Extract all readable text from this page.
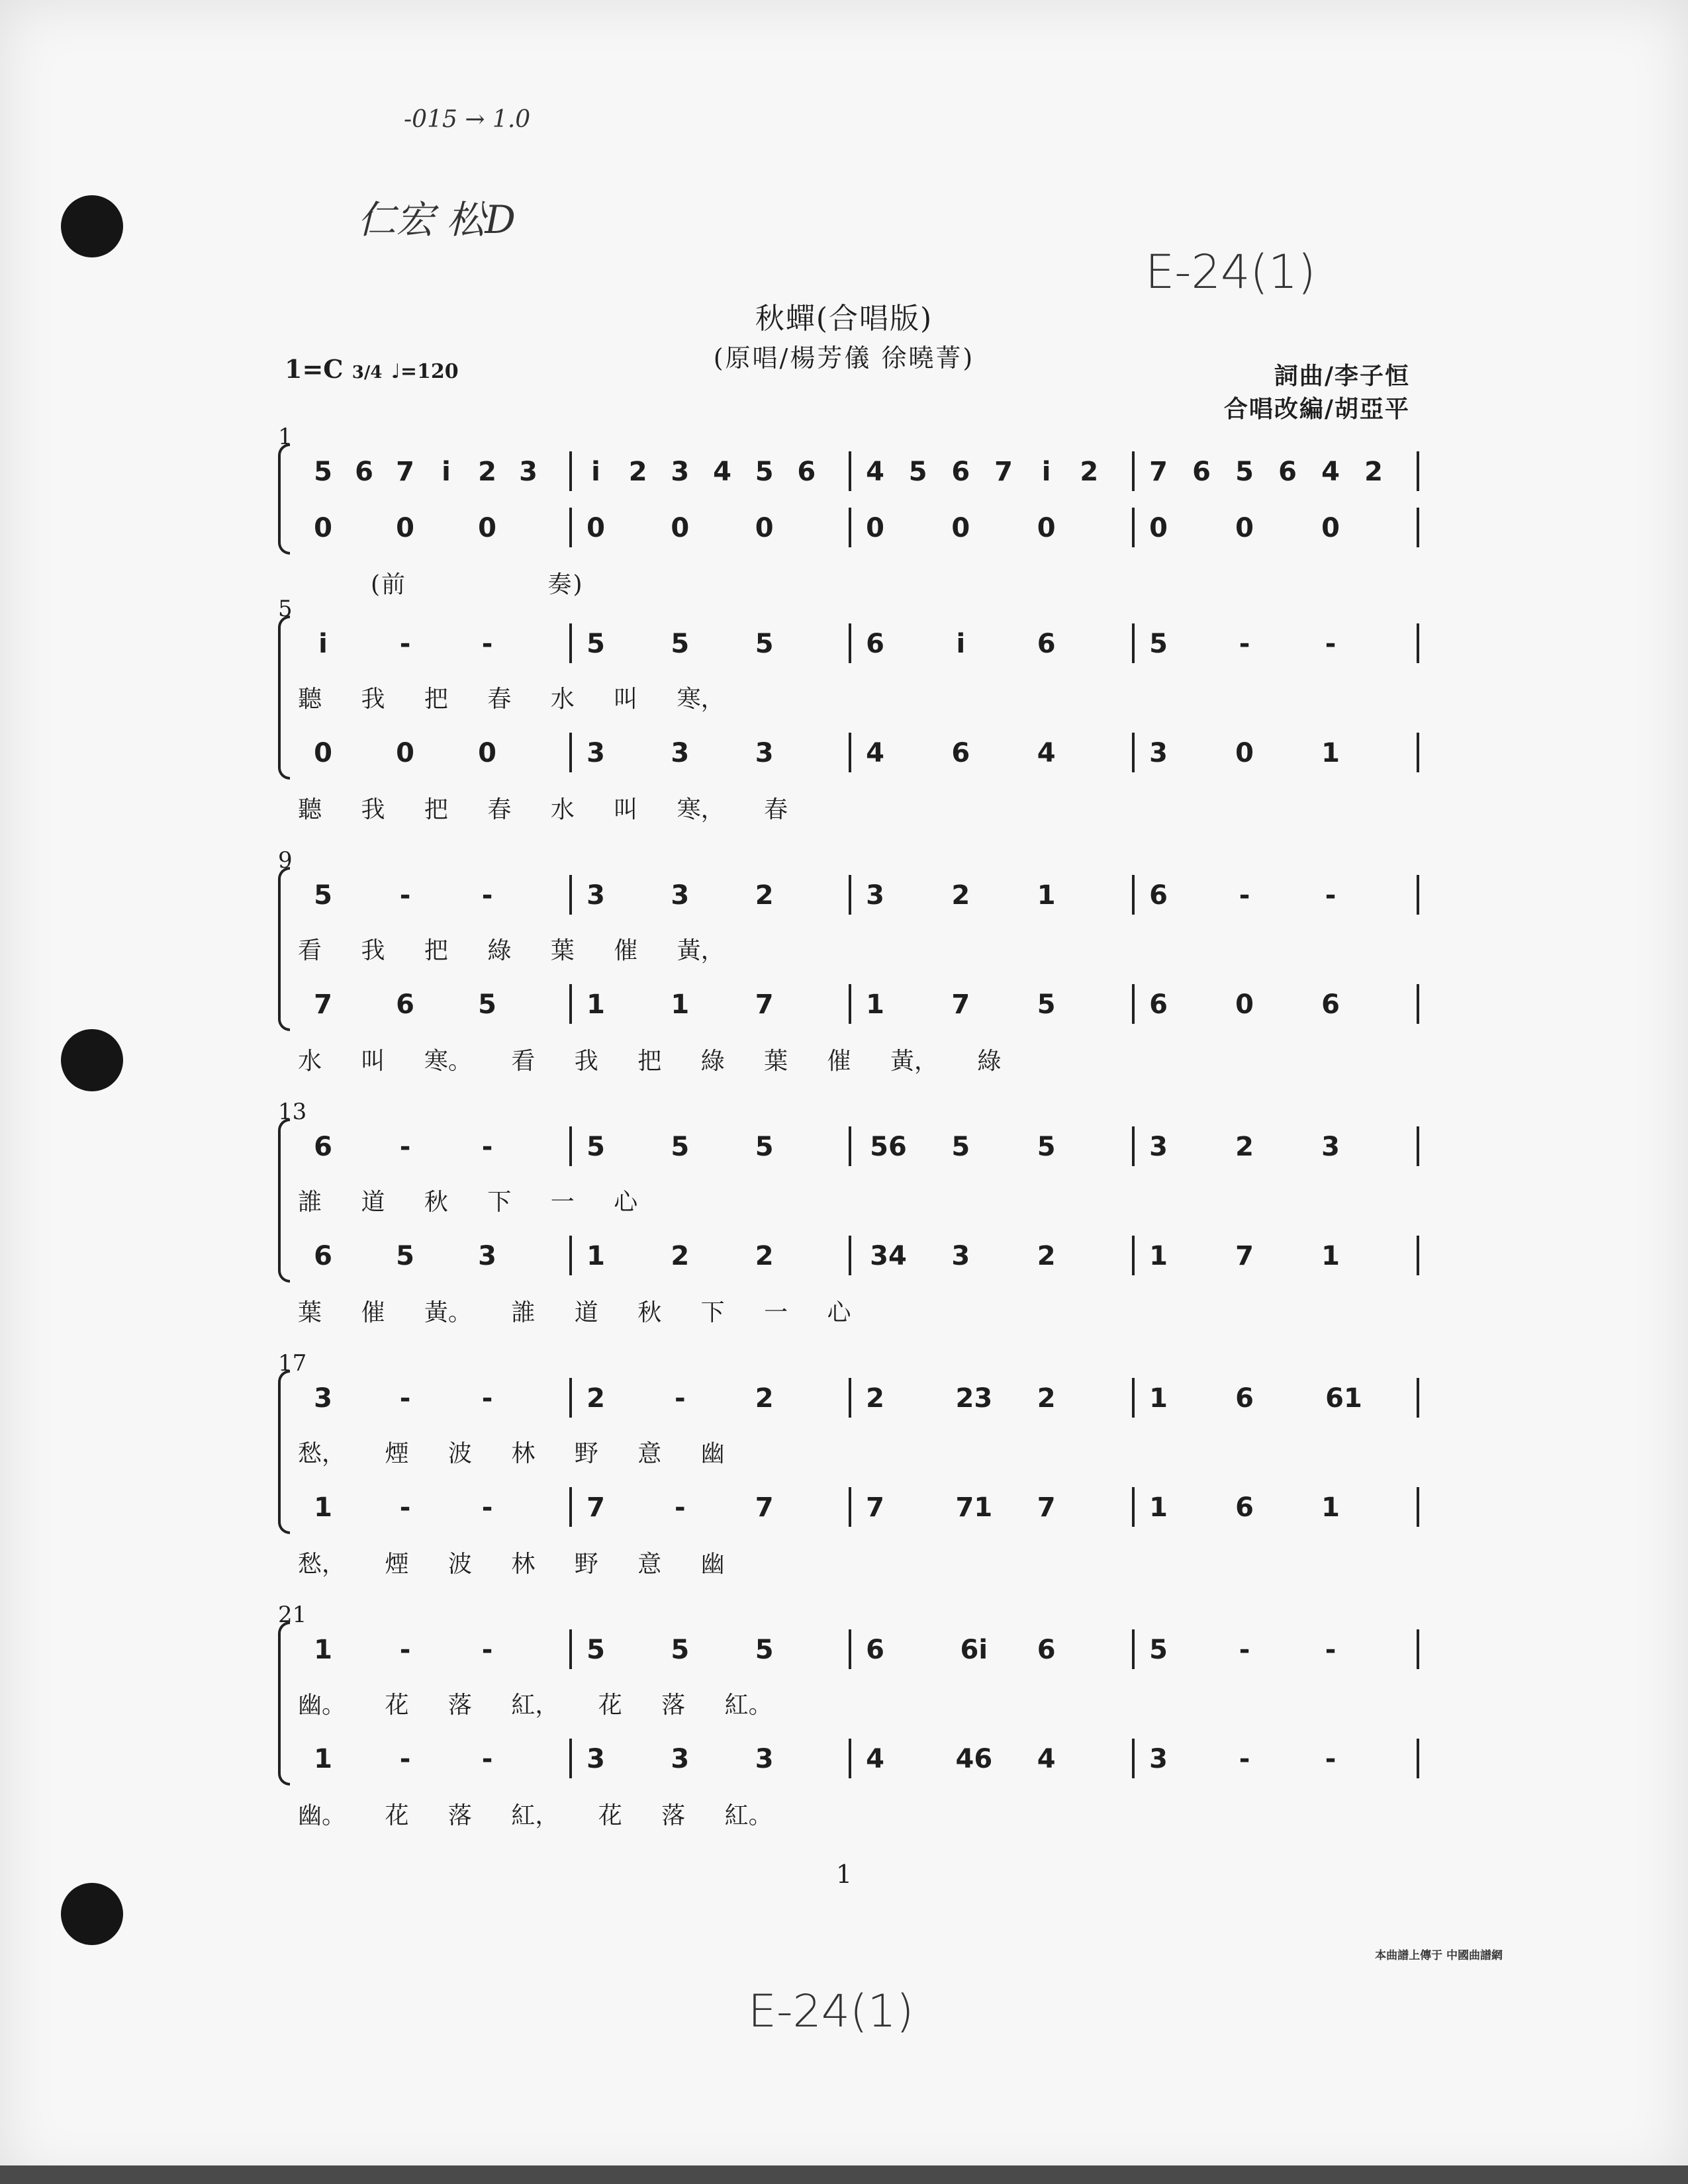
-015 → 1.0
仁宏 松D
E-24(1)
秋蟬(合唱版)
(原唱/楊芳儀 徐曉菁)
1=C 3/4 ♩=120	詞曲/李子恒
合唱改編/胡亞平
1
5 6 7	i	2 3	i	2 3 4 5 6 4 5 6 7	i	2 7 6 5 6 4 2
0 0 0	0 0 0	0	0	0	0	0	0
(前 奏)
5
i	-	-	5 5 5	6	i	6	5	-	-
0 0 0	3 3 3	4	6	4	3	0	1
聽 我 把 春 水 叫 寒，
聽 我 把 春 水 叫 寒， 春
9
5	-	-	3 3 2	3	2	1	6	-	-
7 6 5	1 1 7	1	7	5	6	0	6
看 我 把 綠 葉 催 黃，
水 叫 寒。 看 我 把 綠 葉 催 黃， 綠
13
6	-	-	5 5 5	56	5	5	3	2	3
6 5 3	1 2 2	34	3	2	1	7	1
誰 道 秋 下 一 心
葉 催 黃。 誰 道 秋 下 一 心
17
3	-	-	2	-	2	2	23	2	1	6	61
1	-	-	7	-	7	7	71	7	1	6	1
愁， 煙 波 林 野 意 幽
愁， 煙 波 林 野 意 幽
21
1	-	-	5 5 5	6	6i	6	5	-	-
1	-	-	3 3 3	4	46	4	3	-	-
幽。 花 落 紅， 花 落 紅。
幽。 花 落 紅， 花 落 紅。
1
本曲譜上傳于 中國曲譜網
E-24(1)
